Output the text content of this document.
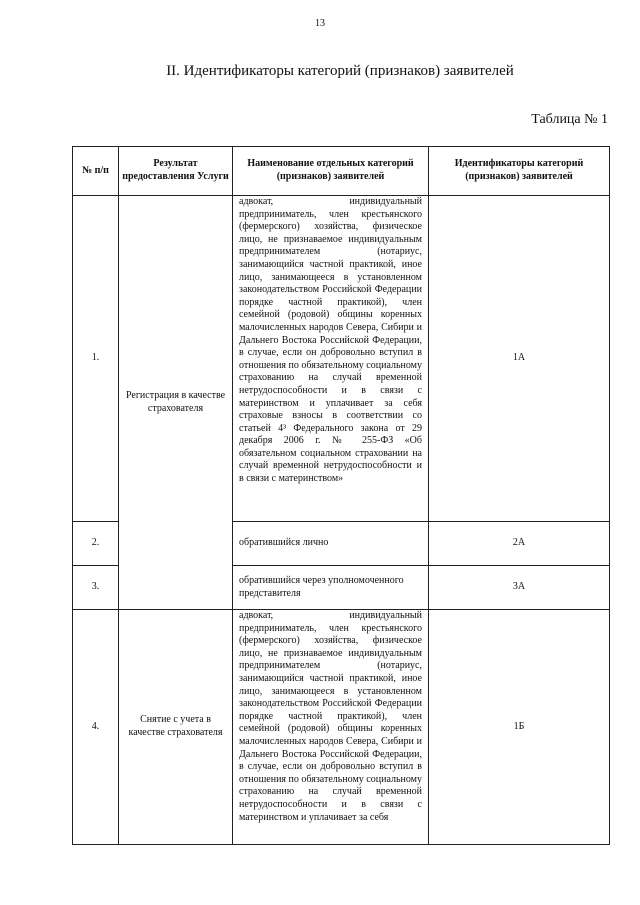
13
II. Идентификаторы категорий (признаков) заявителей
Таблица № 1
№ п/п	Результат предоставления Услуги	Наименование отдельных категорий (признаков) заявителей	Идентификаторы категорий (признаков) заявителей
1.	Регистрация в качестве страхователя	адвокат, индивидуальный предприниматель, член крестьянского (фермерского) хозяйства, физическое лицо, не признаваемое индивидуальным предпринимателем (нотариус, занимающийся частной практикой, иное лицо, занимающееся в установленном законодательством Российской Федерации порядке частной практикой), член семейной (родовой) общины коренных малочисленных народов Севера, Сибири и Дальнего Востока Российской Федерации, в случае, если он добровольно вступил в отношения по обязательному социальному страхованию на случай временной нетрудоспособности и в связи с материнством и уплачивает за себя страховые взносы в соответствии со статьей 4³ Федерального закона от 29 декабря 2006 г. № 255-ФЗ «Об обязательном социальном страховании на случай временной нетрудоспособности и в связи с материнством»	1А
2.		обратившийся лично	2А
3.		обратившийся через уполномоченного представителя	3А
4.	Снятие с учета в качестве страхователя	адвокат, индивидуальный предприниматель, член крестьянского (фермерского) хозяйства, физическое лицо, не признаваемое индивидуальным предпринимателем (нотариус, занимающийся частной практикой, иное лицо, занимающееся в установленном законодательством Российской Федерации порядке частной практикой), член семейной (родовой) общины коренных малочисленных народов Севера, Сибири и Дальнего Востока Российской Федерации, в случае, если он добровольно вступил в отношения по обязательному социальному страхованию на случай временной нетрудоспособности и в связи с материнством и уплачивает за себя	1Б
